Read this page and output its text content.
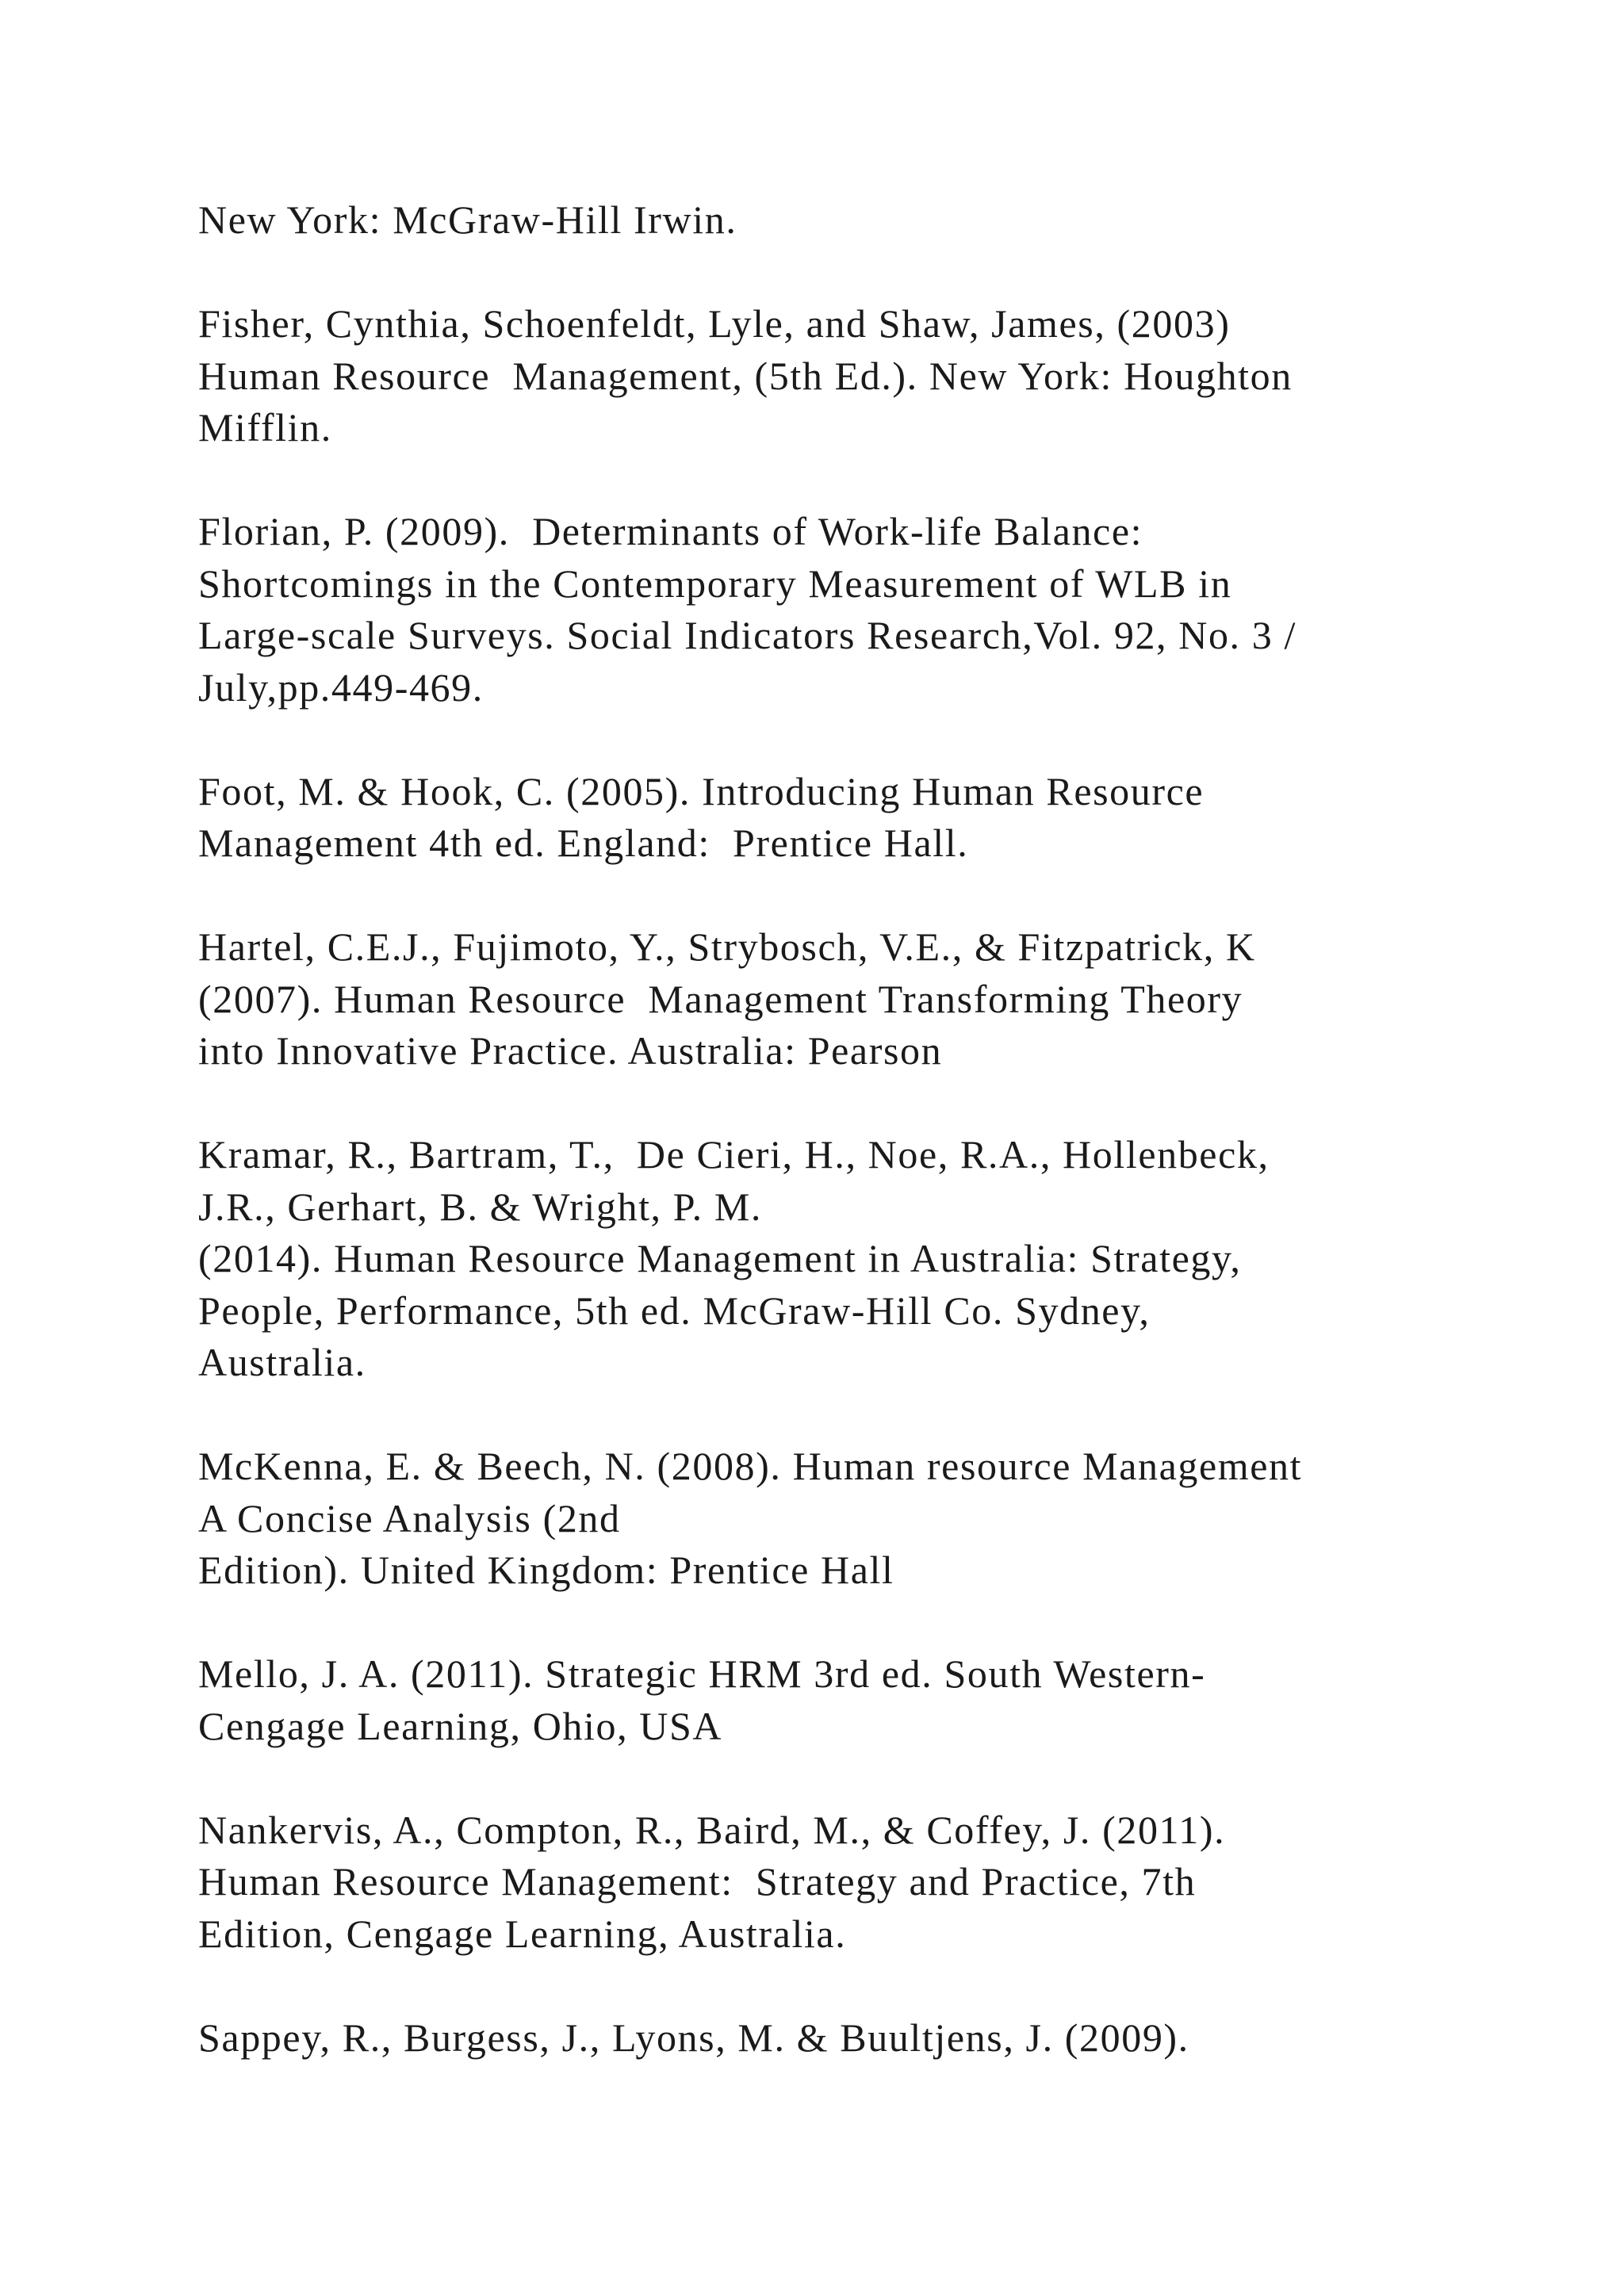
New York: McGraw-Hill Irwin.
Fisher, Cynthia, Schoenfeldt, Lyle, and Shaw, James, (2003)
Human Resource  Management, (5th Ed.). New York: Houghton
Mifflin.
Florian, P. (2009).  Determinants of Work-life Balance:
Shortcomings in the Contemporary Measurement of WLB in
Large-scale Surveys. Social Indicators Research,Vol. 92, No. 3 /
July,pp.449-469.
Foot, M. & Hook, C. (2005). Introducing Human Resource
Management 4th ed. England:  Prentice Hall.
Hartel, C.E.J., Fujimoto, Y., Strybosch, V.E., & Fitzpatrick, K
(2007). Human Resource  Management Transforming Theory
into Innovative Practice. Australia: Pearson
Kramar, R., Bartram, T.,  De Cieri, H., Noe, R.A., Hollenbeck,
J.R., Gerhart, B. & Wright, P. M.
(2014). Human Resource Management in Australia: Strategy,
People, Performance, 5th ed. McGraw-Hill Co. Sydney,
Australia.
McKenna, E. & Beech, N. (2008). Human resource Management
A Concise Analysis (2nd
Edition). United Kingdom: Prentice Hall
Mello, J. A. (2011). Strategic HRM 3rd ed. South Western-
Cengage Learning, Ohio, USA
Nankervis, A., Compton, R., Baird, M., & Coffey, J. (2011).
Human Resource Management:  Strategy and Practice, 7th
Edition, Cengage Learning, Australia.
Sappey, R., Burgess, J., Lyons, M. & Buultjens, J. (2009).
